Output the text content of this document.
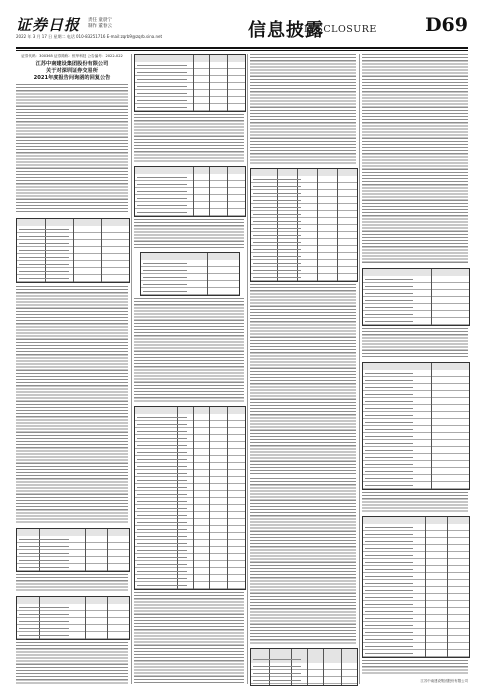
证券日报 责任 童晨宁
制作 董春云
2022 年 3 月 17 日 星期二 电话 010-83251716 E-mail:zqrb9@zqrb.sina.net	信息披露
DISCLOSURE	D69
证券代码：300365 证券简称：恒华科技 公告编号：2022-022
江苏中南建设集团股份有限公司
关于对深圳证券交易所
2021年度报告问询函的回复公告
江苏中南建设集团股份有限公司
